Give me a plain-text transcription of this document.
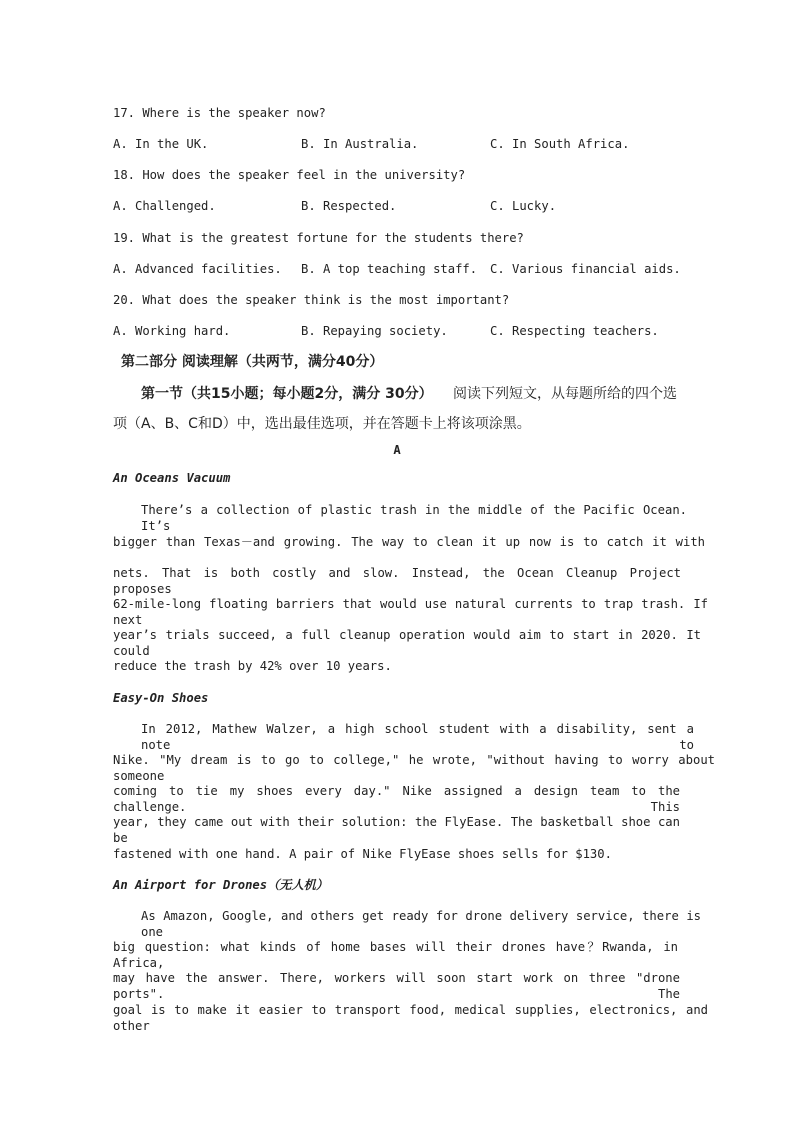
17. Where is the speaker now?
A. In the UK.	B. In Australia.	C. In South Africa.
18. How does the speaker feel in the university?
A. Challenged.	B. Respected.	C. Lucky.
19. What is the greatest fortune for the students there?
A. Advanced facilities. B. A top teaching staff. C. Various financial aids.
20. What does the speaker think is the most important?
A. Working hard.	B. Repaying society.	C. Respecting teachers.
第二部分 阅读理解（共两节，满分40分）
第一节（共15小题；每小题2分，满分 30分） 阅读下列短文，从每题所给的四个选
项（A、B、C和D）中，选出最佳选项，并在答题卡上将该项涂黑。
A
An Oceans Vacuum
There’s a collection of plastic trash in the middle of the Pacific Ocean. It’s
bigger than Texas－and growing. The way to clean it up now is to catch it with
nets. That is both costly and slow. Instead, the Ocean Cleanup Project proposes
62-mile-long floating barriers that would use natural currents to trap trash. If next
year’s trials succeed, a full cleanup operation would aim to start in 2020. It could
reduce the trash by 42% over 10 years.
Easy-On Shoes
In 2012, Mathew Walzer, a high school student with a disability, sent a note to
Nike. "My dream is to go to college," he wrote, "without having to worry about someone
coming to tie my shoes every day." Nike assigned a design team to the challenge. This
year, they came out with their solution: the FlyEase. The basketball shoe can be
fastened with one hand. A pair of Nike FlyEase shoes sells for $130.
An Airport for Drones（无人机）
As Amazon, Google, and others get ready for drone delivery service, there is one
big question: what kinds of home bases will their drones have？Rwanda, in Africa,
may have the answer. There, workers will soon start work on three "drone ports". The
goal is to make it easier to transport food, medical supplies, electronics, and other
